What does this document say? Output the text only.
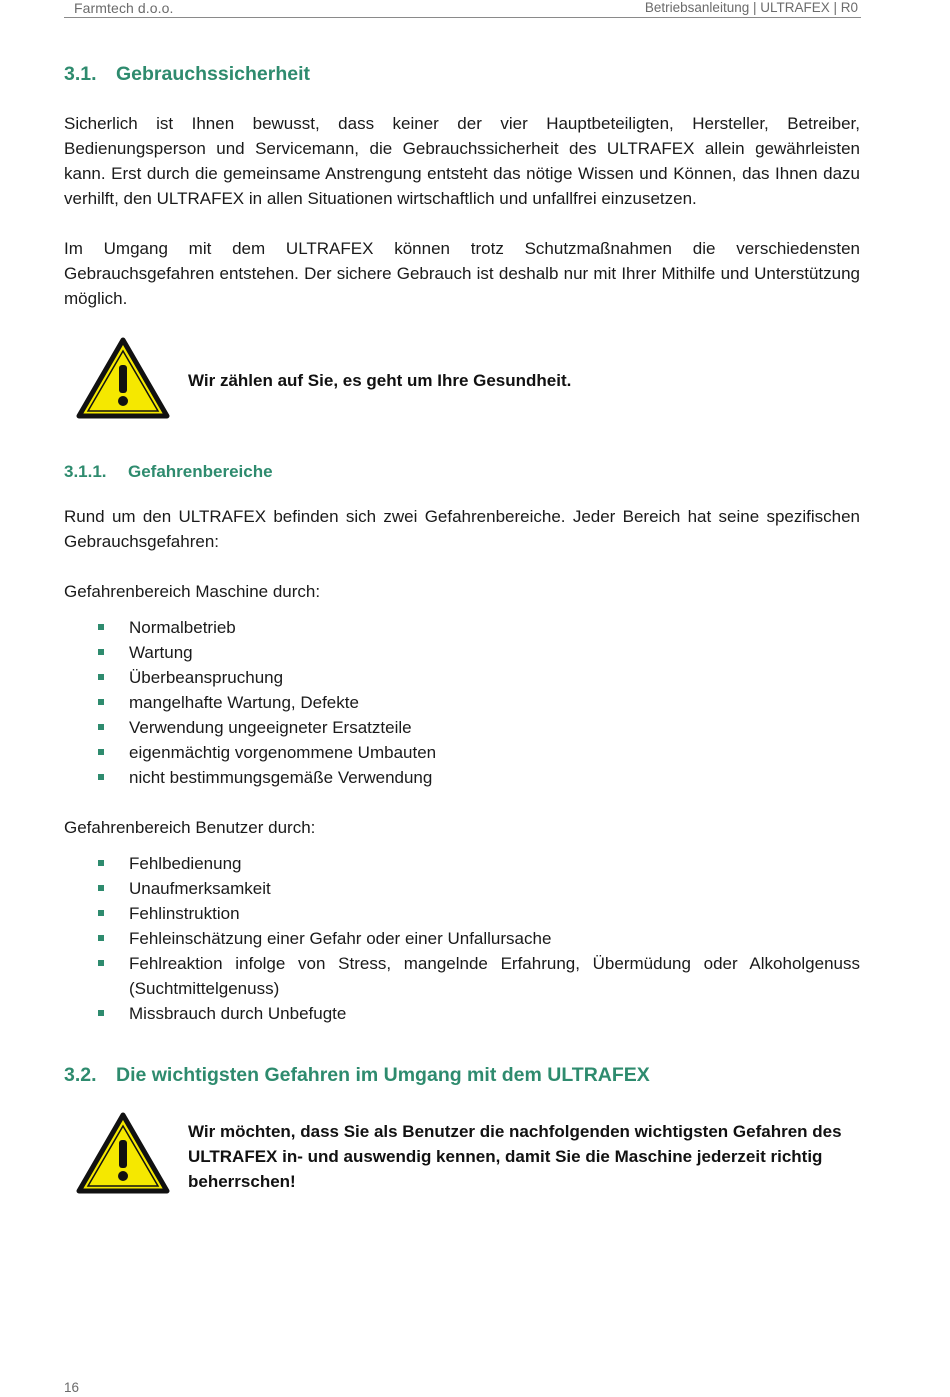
Farmtech d.o.o.	Betriebsanleitung | ULTRAFEX | R0
3.1. Gebrauchssicherheit
Sicherlich ist Ihnen bewusst, dass keiner der vier Hauptbeteiligten, Hersteller, Betreiber, Bedienungsperson und Servicemann, die Gebrauchssicherheit des ULTRAFEX allein gewährleisten kann. Erst durch die gemeinsame Anstrengung entsteht das nötige Wissen und Können, das Ihnen dazu verhilft, den ULTRAFEX in allen Situationen wirtschaftlich und unfallfrei einzusetzen.
Im Umgang mit dem ULTRAFEX können trotz Schutzmaßnahmen die verschiedensten Gebrauchsgefahren entstehen. Der sichere Gebrauch ist deshalb nur mit Ihrer Mithilfe und Unterstützung möglich.
Wir zählen auf Sie, es geht um Ihre Gesundheit.
3.1.1. Gefahrenbereiche
Rund um den ULTRAFEX befinden sich zwei Gefahrenbereiche. Jeder Bereich hat seine spezifischen Gebrauchsgefahren:
Gefahrenbereich Maschine durch:
Normalbetrieb
Wartung
Überbeanspruchung
mangelhafte Wartung, Defekte
Verwendung ungeeigneter Ersatzteile
eigenmächtig vorgenommene Umbauten
nicht bestimmungsgemäße Verwendung
Gefahrenbereich Benutzer durch:
Fehlbedienung
Unaufmerksamkeit
Fehlinstruktion
Fehleinschätzung einer Gefahr oder einer Unfallursache
Fehlreaktion infolge von Stress, mangelnde Erfahrung, Übermüdung oder Alkoholgenuss (Suchtmittelgenuss)
Missbrauch durch Unbefugte
3.2. Die wichtigsten Gefahren im Umgang mit dem ULTRAFEX
Wir möchten, dass Sie als Benutzer die nachfolgenden wichtigsten Gefahren des ULTRAFEX in- und auswendig kennen, damit Sie die Maschine jederzeit richtig beherrschen!
16
